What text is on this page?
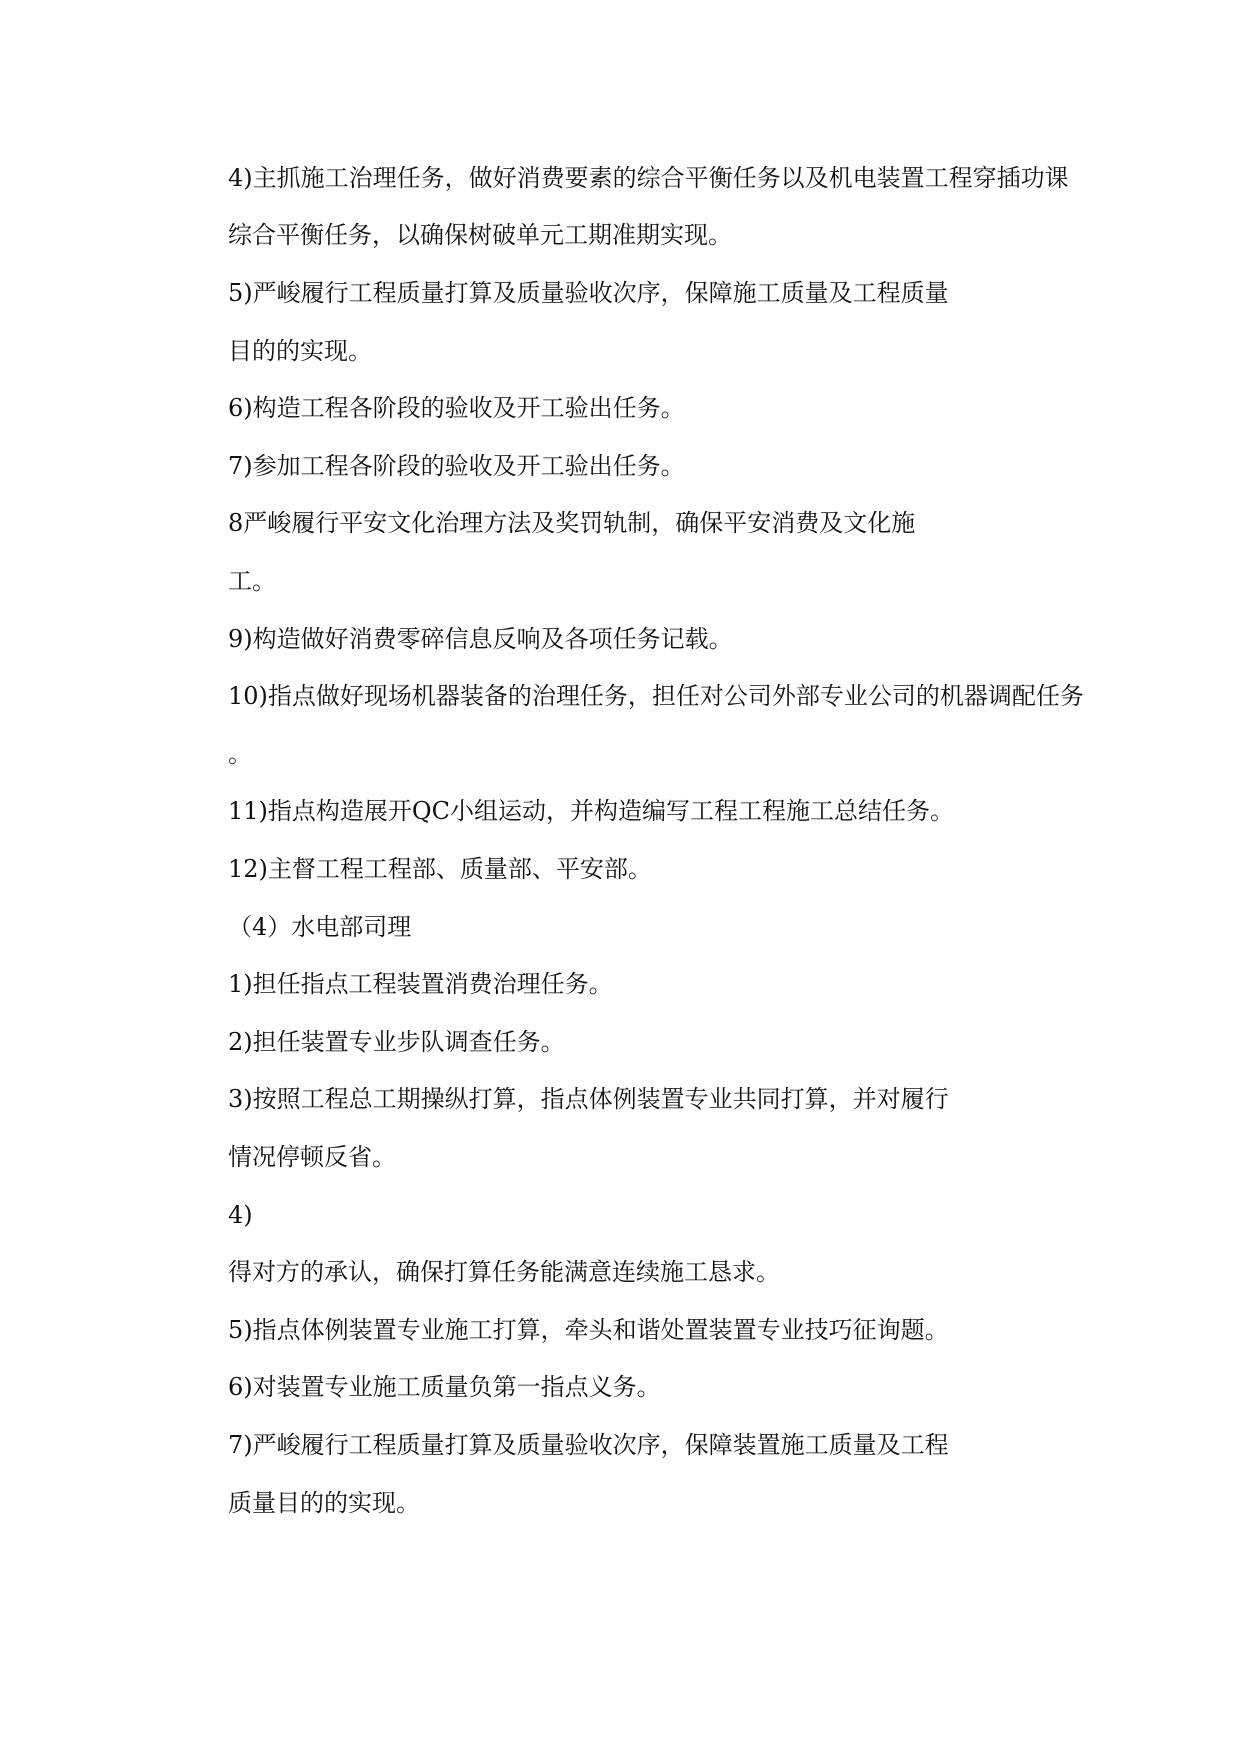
4)主抓施工治理任务，做好消费要素的综合平衡任务以及机电装置工程穿插功课
综合平衡任务，以确保树破单元工期准期实现。
5)严峻履行工程质量打算及质量验收次序，保障施工质量及工程质量
目的的实现。
6)构造工程各阶段的验收及开工验出任务。
7)参加工程各阶段的验收及开工验出任务。
8严峻履行平安文化治理方法及奖罚轨制，确保平安消费及文化施
工。
9)构造做好消费零碎信息反响及各项任务记载。
10)指点做好现场机器装备的治理任务，担任对公司外部专业公司的机器调配任务
。
11)指点构造展开QC小组运动，并构造编写工程工程施工总结任务。
12)主督工程工程部、质量部、平安部。
（4）水电部司理
1)担任指点工程装置消费治理任务。
2)担任装置专业步队调查任务。
3)按照工程总工期操纵打算，指点体例装置专业共同打算，并对履行
情况停顿反省。
4)
得对方的承认，确保打算任务能满意连续施工恳求。
5)指点体例装置专业施工打算，牵头和谐处置装置专业技巧征询题。
6)对装置专业施工质量负第一指点义务。
7)严峻履行工程质量打算及质量验收次序，保障装置施工质量及工程
质量目的的实现。
